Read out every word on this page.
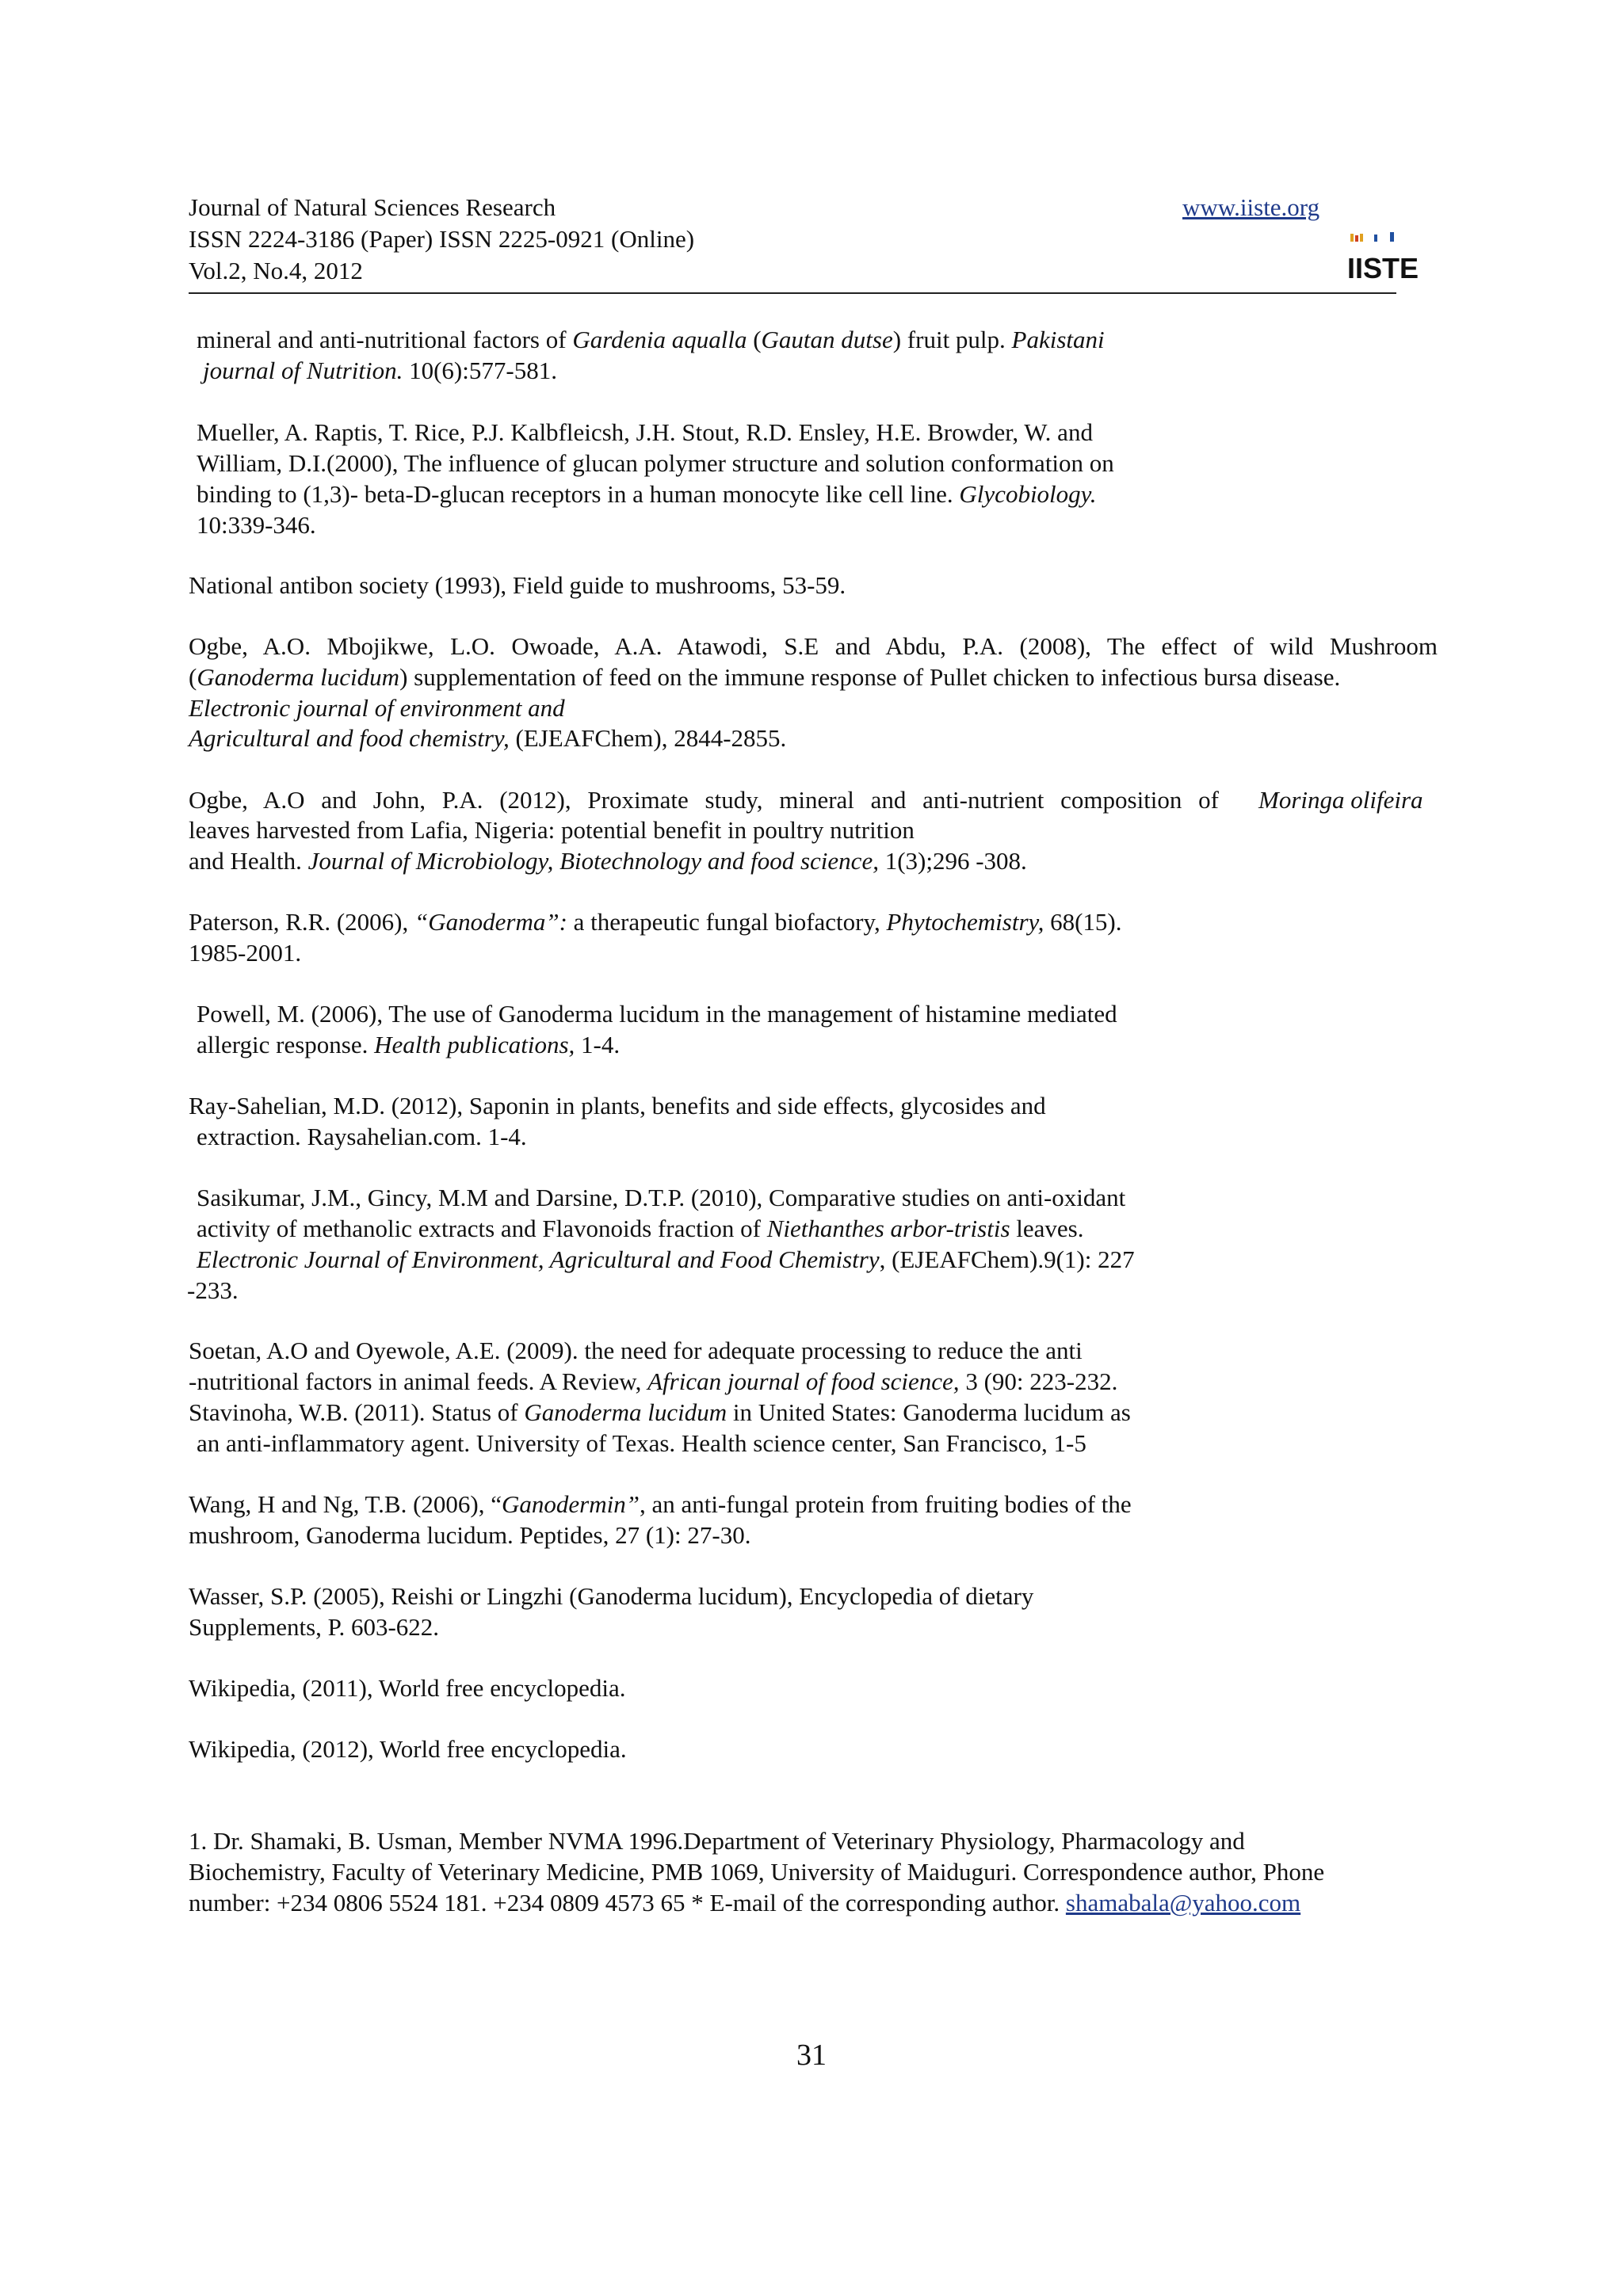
Journal of Natural Sciences Research
ISSN 2224-3186 (Paper) ISSN 2225-0921 (Online)
Vol.2, No.4, 2012
www.iiste.org
IISTE
mineral and anti-nutritional factors of Gardenia aqualla (Gautan dutse) fruit pulp. Pakistani
journal of Nutrition. 10(6):577-581.
Mueller, A. Raptis, T. Rice, P.J. Kalbfleicsh, J.H. Stout, R.D. Ensley, H.E. Browder, W. and
William, D.I.(2000), The influence of glucan polymer structure and solution conformation on
binding to (1,3)- beta-D-glucan receptors in a human monocyte like cell line. Glycobiology.
10:339-346.
National antibon society (1993), Field guide to mushrooms, 53-59.
Ogbe, A.O. Mbojikwe, L.O. Owoade, A.A. Atawodi, S.E and Abdu, P.A. (2008), The effect of wild Mushroom
(Ganoderma lucidum) supplementation of feed on the immune response of Pullet chicken to infectious bursa disease.
Electronic journal of environment and
Agricultural and food chemistry, (EJEAFChem), 2844-2855.
Ogbe, A.O and John, P.A. (2012), Proximate study, mineral and anti-nutrient composition of Moringa olifeira
leaves harvested from Lafia, Nigeria: potential benefit in poultry nutrition
and Health. Journal of Microbiology, Biotechnology and food science, 1(3);296 -308.
Paterson, R.R. (2006), “Ganoderma”: a therapeutic fungal biofactory, Phytochemistry, 68(15).
1985-2001.
Powell, M. (2006), The use of Ganoderma lucidum in the management of histamine mediated
allergic response. Health publications, 1-4.
Ray-Sahelian, M.D. (2012), Saponin in plants, benefits and side effects, glycosides and
extraction. Raysahelian.com. 1-4.
Sasikumar, J.M., Gincy, M.M and Darsine, D.T.P. (2010), Comparative studies on anti-oxidant
activity of methanolic extracts and Flavonoids fraction of Niethanthes arbor-tristis leaves.
Electronic Journal of Environment, Agricultural and Food Chemistry, (EJEAFChem).9(1): 227
-233.
Soetan, A.O and Oyewole, A.E. (2009). the need for adequate processing to reduce the anti
-nutritional factors in animal feeds. A Review, African journal of food science, 3 (90: 223-232.
Stavinoha, W.B. (2011). Status of Ganoderma lucidum in United States: Ganoderma lucidum as
an anti-inflammatory agent. University of Texas. Health science center, San Francisco, 1-5
Wang, H and Ng, T.B. (2006), “Ganodermin”, an anti-fungal protein from fruiting bodies of the
mushroom, Ganoderma lucidum. Peptides, 27 (1): 27-30.
Wasser, S.P. (2005), Reishi or Lingzhi (Ganoderma lucidum), Encyclopedia of dietary
Supplements, P. 603-622.
Wikipedia, (2011), World free encyclopedia.
Wikipedia, (2012), World free encyclopedia.
1. Dr. Shamaki, B. Usman, Member NVMA 1996.Department of Veterinary Physiology, Pharmacology and
Biochemistry, Faculty of Veterinary Medicine, PMB 1069, University of Maiduguri. Correspondence author, Phone
number: +234 0806 5524 181. +234 0809 4573 65 * E-mail of the corresponding author. shamabala@yahoo.com
31
